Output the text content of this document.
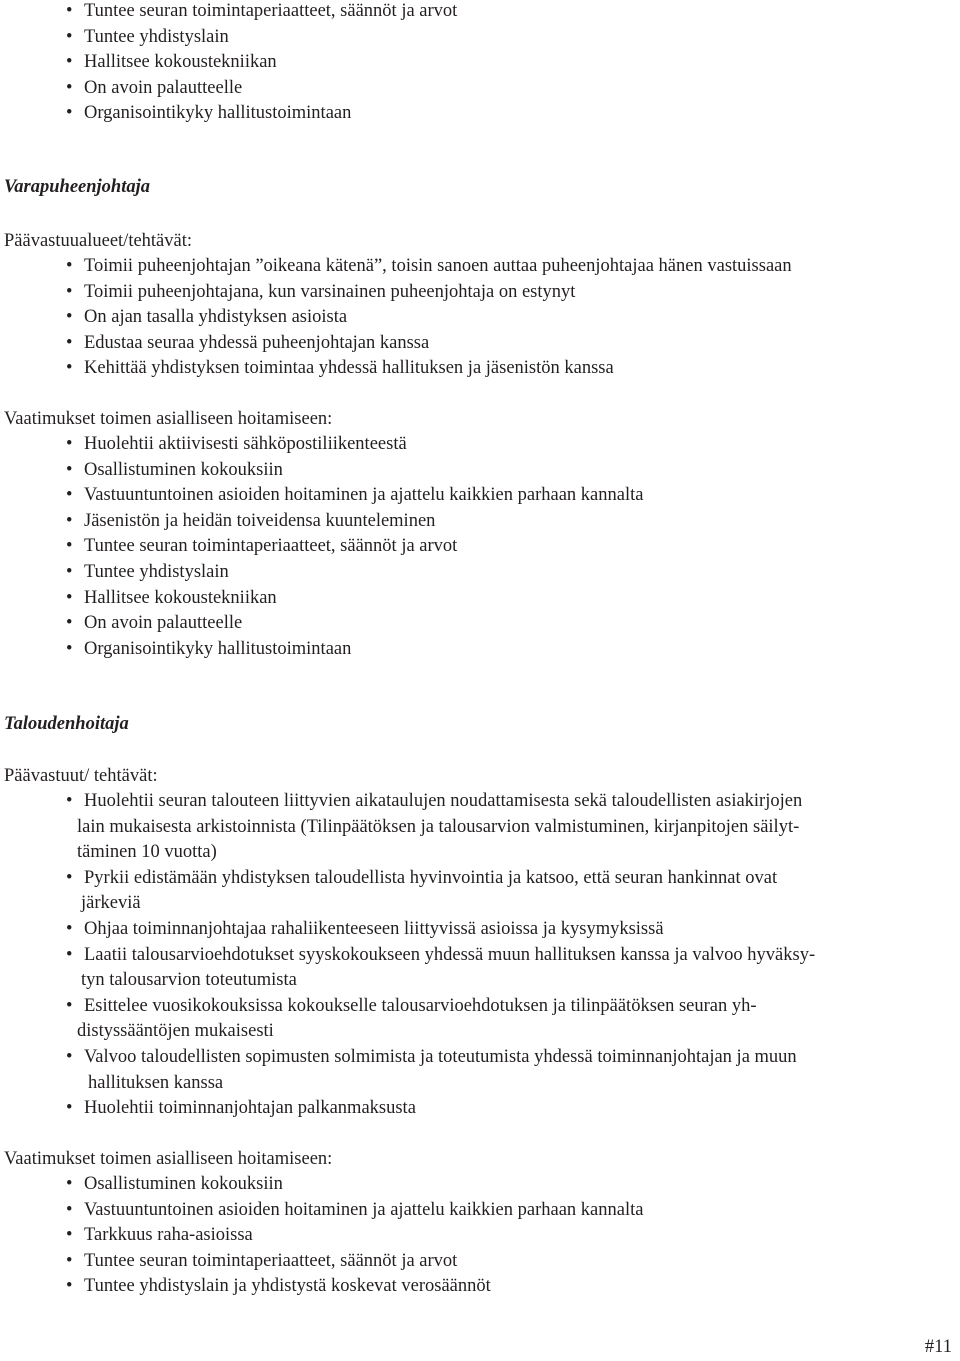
• Tuntee seuran toimintaperiaatteet, säännöt ja arvot
• Tuntee yhdistyslain
• Hallitsee kokoustekniikan
• On avoin palautteelle
• Organisointikyky hallitustoimintaan
Varapuheenjohtaja
Päävastuualueet/tehtävät:
• Toimii puheenjohtajan ”oikeana kätenä”, toisin sanoen auttaa puheenjohtajaa hänen vastuissaan
• Toimii puheenjohtajana, kun varsinainen puheenjohtaja on estynyt
• On ajan tasalla yhdistyksen asioista
• Edustaa seuraa yhdessä puheenjohtajan kanssa
• Kehittää yhdistyksen toimintaa yhdessä hallituksen ja jäsenistön kanssa
Vaatimukset toimen asialliseen hoitamiseen:
• Huolehtii aktiivisesti sähköpostiliikenteestä
• Osallistuminen kokouksiin
• Vastuuntuntoinen asioiden hoitaminen ja ajattelu kaikkien parhaan kannalta
• Jäsenistön ja heidän toiveidensa kuunteleminen
• Tuntee seuran toimintaperiaatteet, säännöt ja arvot
• Tuntee yhdistyslain
• Hallitsee kokoustekniikan
• On avoin palautteelle
• Organisointikyky hallitustoimintaan
Taloudenhoitaja
Päävastuut/ tehtävät:
• Huolehtii seuran talouteen liittyvien aikataulujen noudattamisesta sekä taloudellisten asiakirjojen
lain mukaisesta arkistoinnista (Tilinpäätöksen ja talousarvion valmistuminen, kirjanpitojen säilyt-
täminen 10 vuotta)
• Pyrkii edistämään yhdistyksen taloudellista hyvinvointia ja katsoo, että seuran hankinnat ovat
järkeviä
• Ohjaa toiminnanjohtajaa rahaliikenteeseen liittyvissä asioissa ja kysymyksissä
• Laatii talousarvioehdotukset syyskokoukseen yhdessä muun hallituksen kanssa ja valvoo hyväksy-
tyn talousarvion toteutumista
• Esittelee vuosikokouksissa kokoukselle talousarvioehdotuksen ja tilinpäätöksen seuran yh-
distyssääntöjen mukaisesti
• Valvoo taloudellisten sopimusten solmimista ja toteutumista yhdessä toiminnanjohtajan ja muun
hallituksen kanssa
• Huolehtii toiminnanjohtajan palkanmaksusta
Vaatimukset toimen asialliseen hoitamiseen:
• Osallistuminen kokouksiin
• Vastuuntuntoinen asioiden hoitaminen ja ajattelu kaikkien parhaan kannalta
• Tarkkuus raha-asioissa
• Tuntee seuran toimintaperiaatteet, säännöt ja arvot
• Tuntee yhdistyslain ja yhdistystä koskevat verosäännöt
#11
